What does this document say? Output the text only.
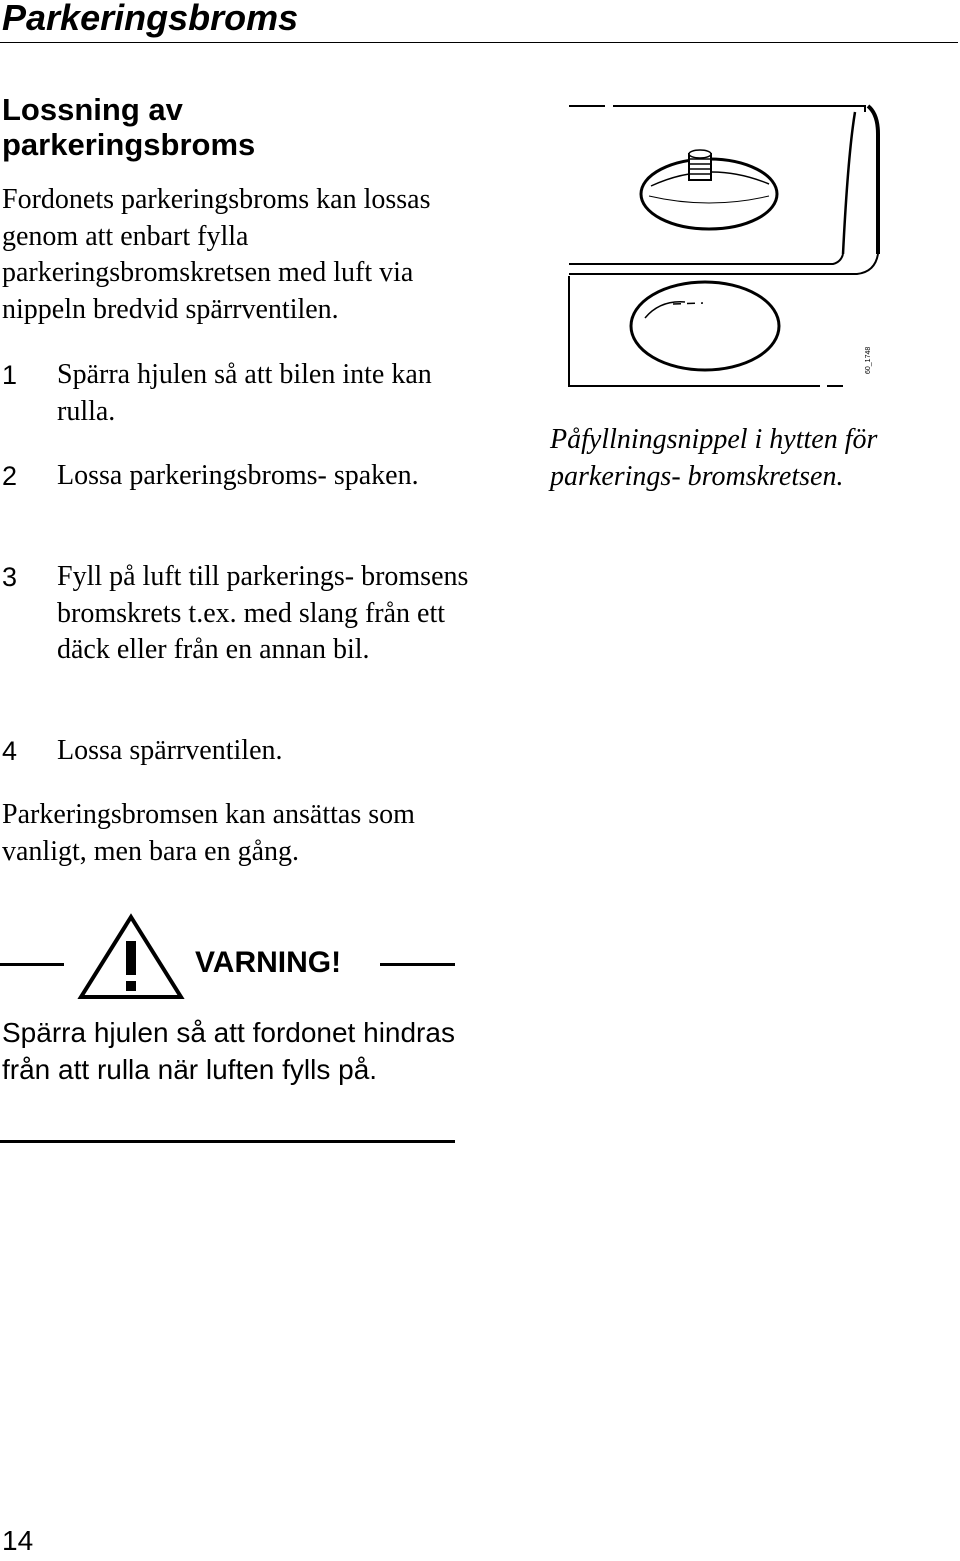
Parkeringsbroms
Lossning av parkeringsbroms

Fordonets parkeringsbroms kan lossas genom att enbart fylla parkeringsbromskretsen med luft via nippeln bredvid spärrventilen.

1 Spärra hjulen så att bilen inte kan rulla.
2 Lossa parkeringsbroms- spaken.
3 Fyll på luft till parkerings- bromsens bromskrets t.ex. med slang från ett däck eller från en annan bil.
4 Lossa spärrventilen.

Parkeringsbromsen kan ansättas som vanligt, men bara en gång.

VARNING!

Spärra hjulen så att fordonet hindras från att rulla när luften fylls på.

60_1748

Påfyllningsnippel i hytten för parkerings- bromskretsen.

14
